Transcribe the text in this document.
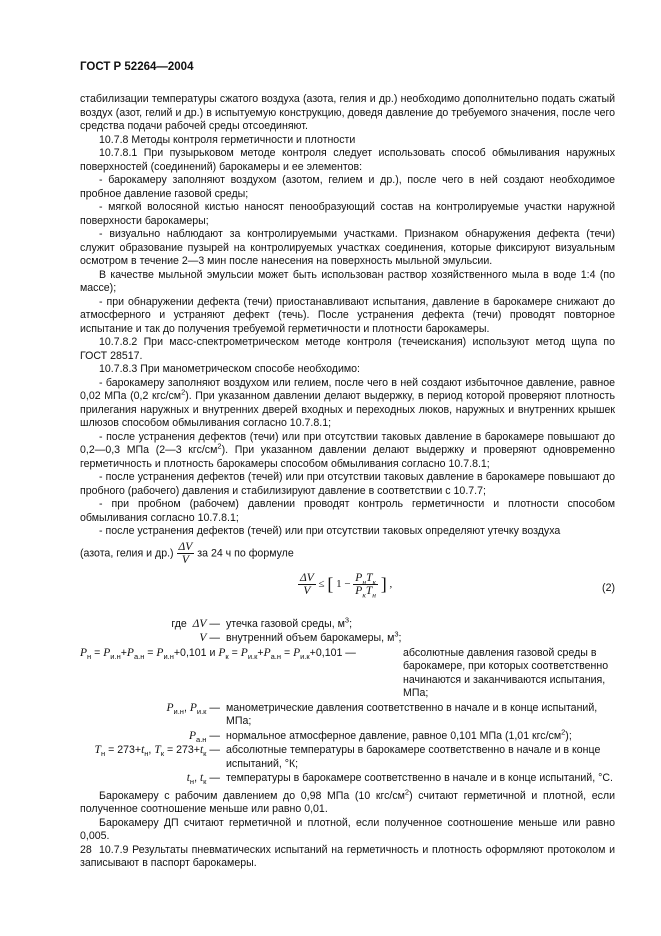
ГОСТ Р 52264—2004

стабилизации температуры сжатого воздуха (азота, гелия и др.) необходимо дополнительно подать сжатый воздух (азот, гелий и др.) в испытуемую конструкцию, доведя давление до требуемого значения, после чего средства подачи рабочей среды отсоединяют.

10.7.8 Методы контроля герметичности и плотности

10.7.8.1 При пузырьковом методе контроля следует использовать способ обмыливания наружных поверхностей (соединений) барокамеры и ее элементов:

- барокамеру заполняют воздухом (азотом, гелием и др.), после чего в ней создают необходимое пробное давление газовой среды;

- мягкой волосяной кистью наносят пенообразующий состав на контролируемые участки наружной поверхности барокамеры;

- визуально наблюдают за контролируемыми участками. Признаком обнаружения дефекта (течи) служит образование пузырей на контролируемых участках соединения, которые фиксируют визуальным осмотром в течение 2—3 мин после нанесения на поверхность мыльной эмульсии.

В качестве мыльной эмульсии может быть использован раствор хозяйственного мыла в воде 1:4 (по массе);

- при обнаружении дефекта (течи) приостанавливают испытания, давление в барокамере снижают до атмосферного и устраняют дефект (течь). После устранения дефекта (течи) проводят повторное испытание и так до получения требуемой герметичности и плотности барокамеры.

10.7.8.2 При масс-спектрометрическом методе контроля (течеискания) используют метод щупа по ГОСТ 28517.

10.7.8.3 При манометрическом способе необходимо:

- барокамеру заполняют воздухом или гелием, после чего в ней создают избыточное давление, равное 0,02 МПа (0,2 кгс/$см^2$). При указанном давлении делают выдержку, в период которой проверяют плотность прилегания наружных и внутренних дверей входных и переходных люков, наружных и внутренних крышек шлюзов способом обмыливания согласно 10.7.8.1;

- после устранения дефектов (течи) или при отсутствии таковых давление в барокамере повышают до 0,2—0,3 МПа (2—3 кгс/$см^2$). При указанном давлении делают выдержку и проверяют одновременно герметичность и плотность барокамеры способом обмыливания согласно 10.7.8.1;

- после устранения дефектов (течей) или при отсутствии таковых давление в барокамере повышают до пробного (рабочего) давления и стабилизируют давление в соответствии с 10.7.7;

- при пробном (рабочем) давлении проводят контроль герметичности и плотности способом обмыливания согласно 10.7.8.1;

- после устранения дефектов (течей) или при отсутствии таковых определяют утечку воздуха

(азота, гелия и $др.) \frac{\Delta V}{V}$ за 24 ч по формуле

$\frac{\Delta V}{V}$ ≤ [ $1 - \frac{P_нT_к}{P_кT_н}$ ] ,	(2)
где ΔV — утечка газовой среды, $м^3$;
V — внутренний объем барокамеры, $м^3$;
$P_н = P_{и.н}+P_{а.н} = P_{и.н}+0,101$ и $P_к = P_{и.к}+P_{а.н} = P_{и.к}+0,101$ —	абсолютные давления газовой среды в барокамере, при которых соответственно начинаются и заканчиваются испытания, МПа;
$P_{и.н}$, $P_{и.к}$ — манометрические давления соответственно в начале и в конце испытаний, МПа;
$P_{а.н}$ — нормальное атмосферное давление, равное 0,101 МПа (1,01 кгс/$см^2$);
$T_н = 273+t_н$, $T_к = 273+t_к$ — абсолютные температуры в барокамере соответственно в начале и в конце испытаний, °К;
$t_н$, $t_к$ — температуры в барокамере соответственно в начале и в конце испытаний, °С.

Барокамеру с рабочим давлением до 0,98 МПа (10 кгс/$см^2$) считают герметичной и плотной, если полученное соотношение меньше или равно 0,01.

Барокамеру ДП считают герметичной и плотной, если полученное соотношение меньше или равно 0,005.

10.7.9 Результаты пневматических испытаний на герметичность и плотность оформляют протоколом и записывают в паспорт барокамеры.

28
